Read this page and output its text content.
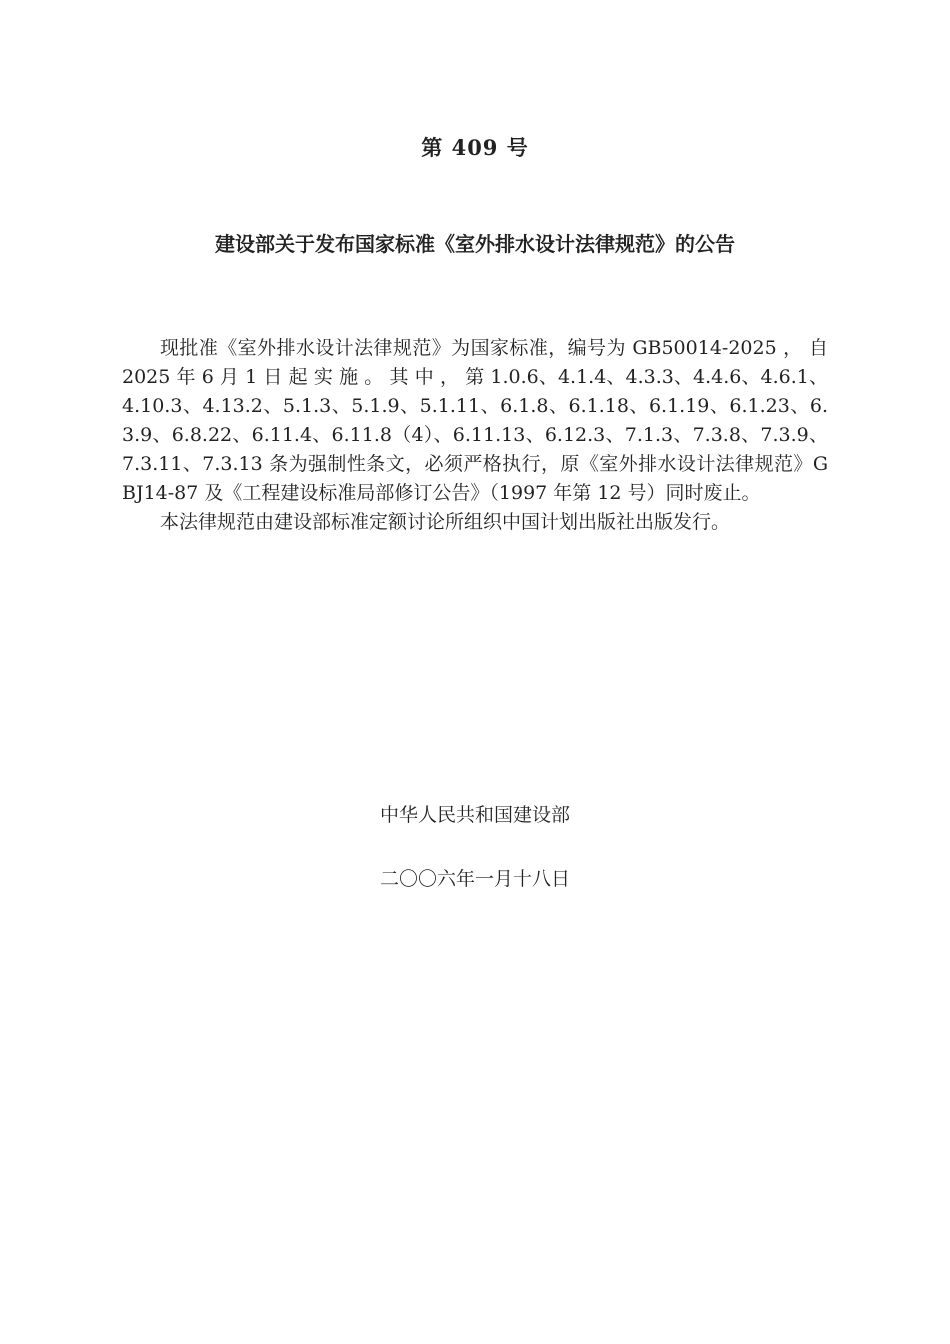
第 409 号
建设部关于发布国家标准《室外排水设计法律规范》的公告

现批准《室外排水设计法律规范》为国家标准，编号为 GB50014-2025 ， 自 2025 年 6 月 1 日 起 实 施 。 其 中 ， 第 1.0.6、4.1.4、4.3.3、4.4.6、4.6.1、4.10.3、4.13.2、5.1.3、5.1.9、5.1.11、6.1.8、6.1.18、6.1.19、6.1.23、6.3.9、6.8.22、6.11.4、6.11.8（4）、6.11.13、6.12.3、7.1.3、7.3.8、7.3.9、7.3.11、7.3.13 条为强制性条文，必须严格执行，原《室外排水设计法律规范》GBJ14-87 及《工程建设标准局部修订公告》（1997 年第 12 号）同时废止。

本法律规范由建设部标准定额讨论所组织中国计划出版社出版发行。

中华人民共和国建设部
二〇〇六年一月十八日
